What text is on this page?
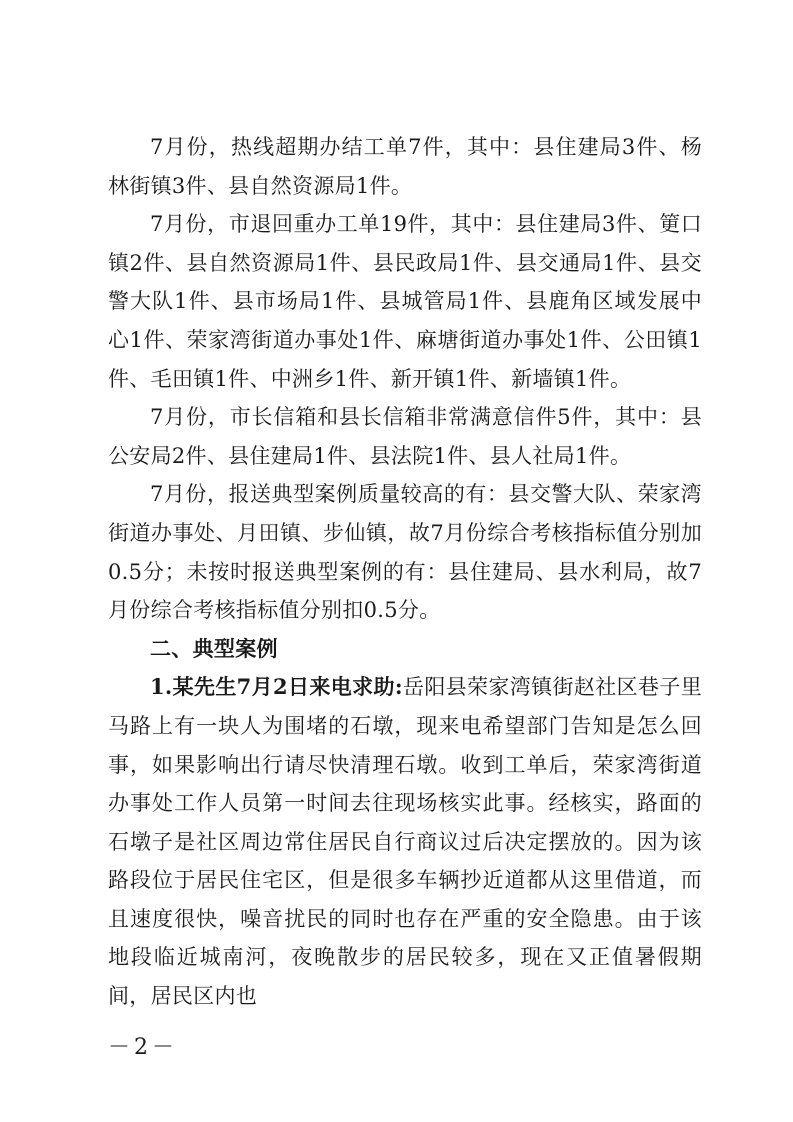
7月份，热线超期办结工单7件，其中：县住建局3件、杨林街镇3件、县自然资源局1件。

7月份，市退回重办工单19件，其中：县住建局3件、筻口镇2件、县自然资源局1件、县民政局1件、县交通局1件、县交警大队1件、县市场局1件、县城管局1件、县鹿角区域发展中心1件、荣家湾街道办事处1件、麻塘街道办事处1件、公田镇1件、毛田镇1件、中洲乡1件、新开镇1件、新墙镇1件。

7月份，市长信箱和县长信箱非常满意信件5件，其中：县公安局2件、县住建局1件、县法院1件、县人社局1件。

7月份，报送典型案例质量较高的有：县交警大队、荣家湾街道办事处、月田镇、步仙镇，故7月份综合考核指标值分别加0.5分；未按时报送典型案例的有：县住建局、县水利局，故7月份综合考核指标值分别扣0.5分。

二、典型案例

1.某先生7月2日来电求助:岳阳县荣家湾镇街赵社区巷子里马路上有一块人为围堵的石墩，现来电希望部门告知是怎么回事，如果影响出行请尽快清理石墩。收到工单后，荣家湾街道办事处工作人员第一时间去往现场核实此事。经核实，路面的石墩子是社区周边常住居民自行商议过后决定摆放的。因为该路段位于居民住宅区，但是很多车辆抄近道都从这里借道，而且速度很快，噪音扰民的同时也存在严重的安全隐患。由于该地段临近城南河，夜晚散步的居民较多，现在又正值暑假期间，居民区内也

－2－
